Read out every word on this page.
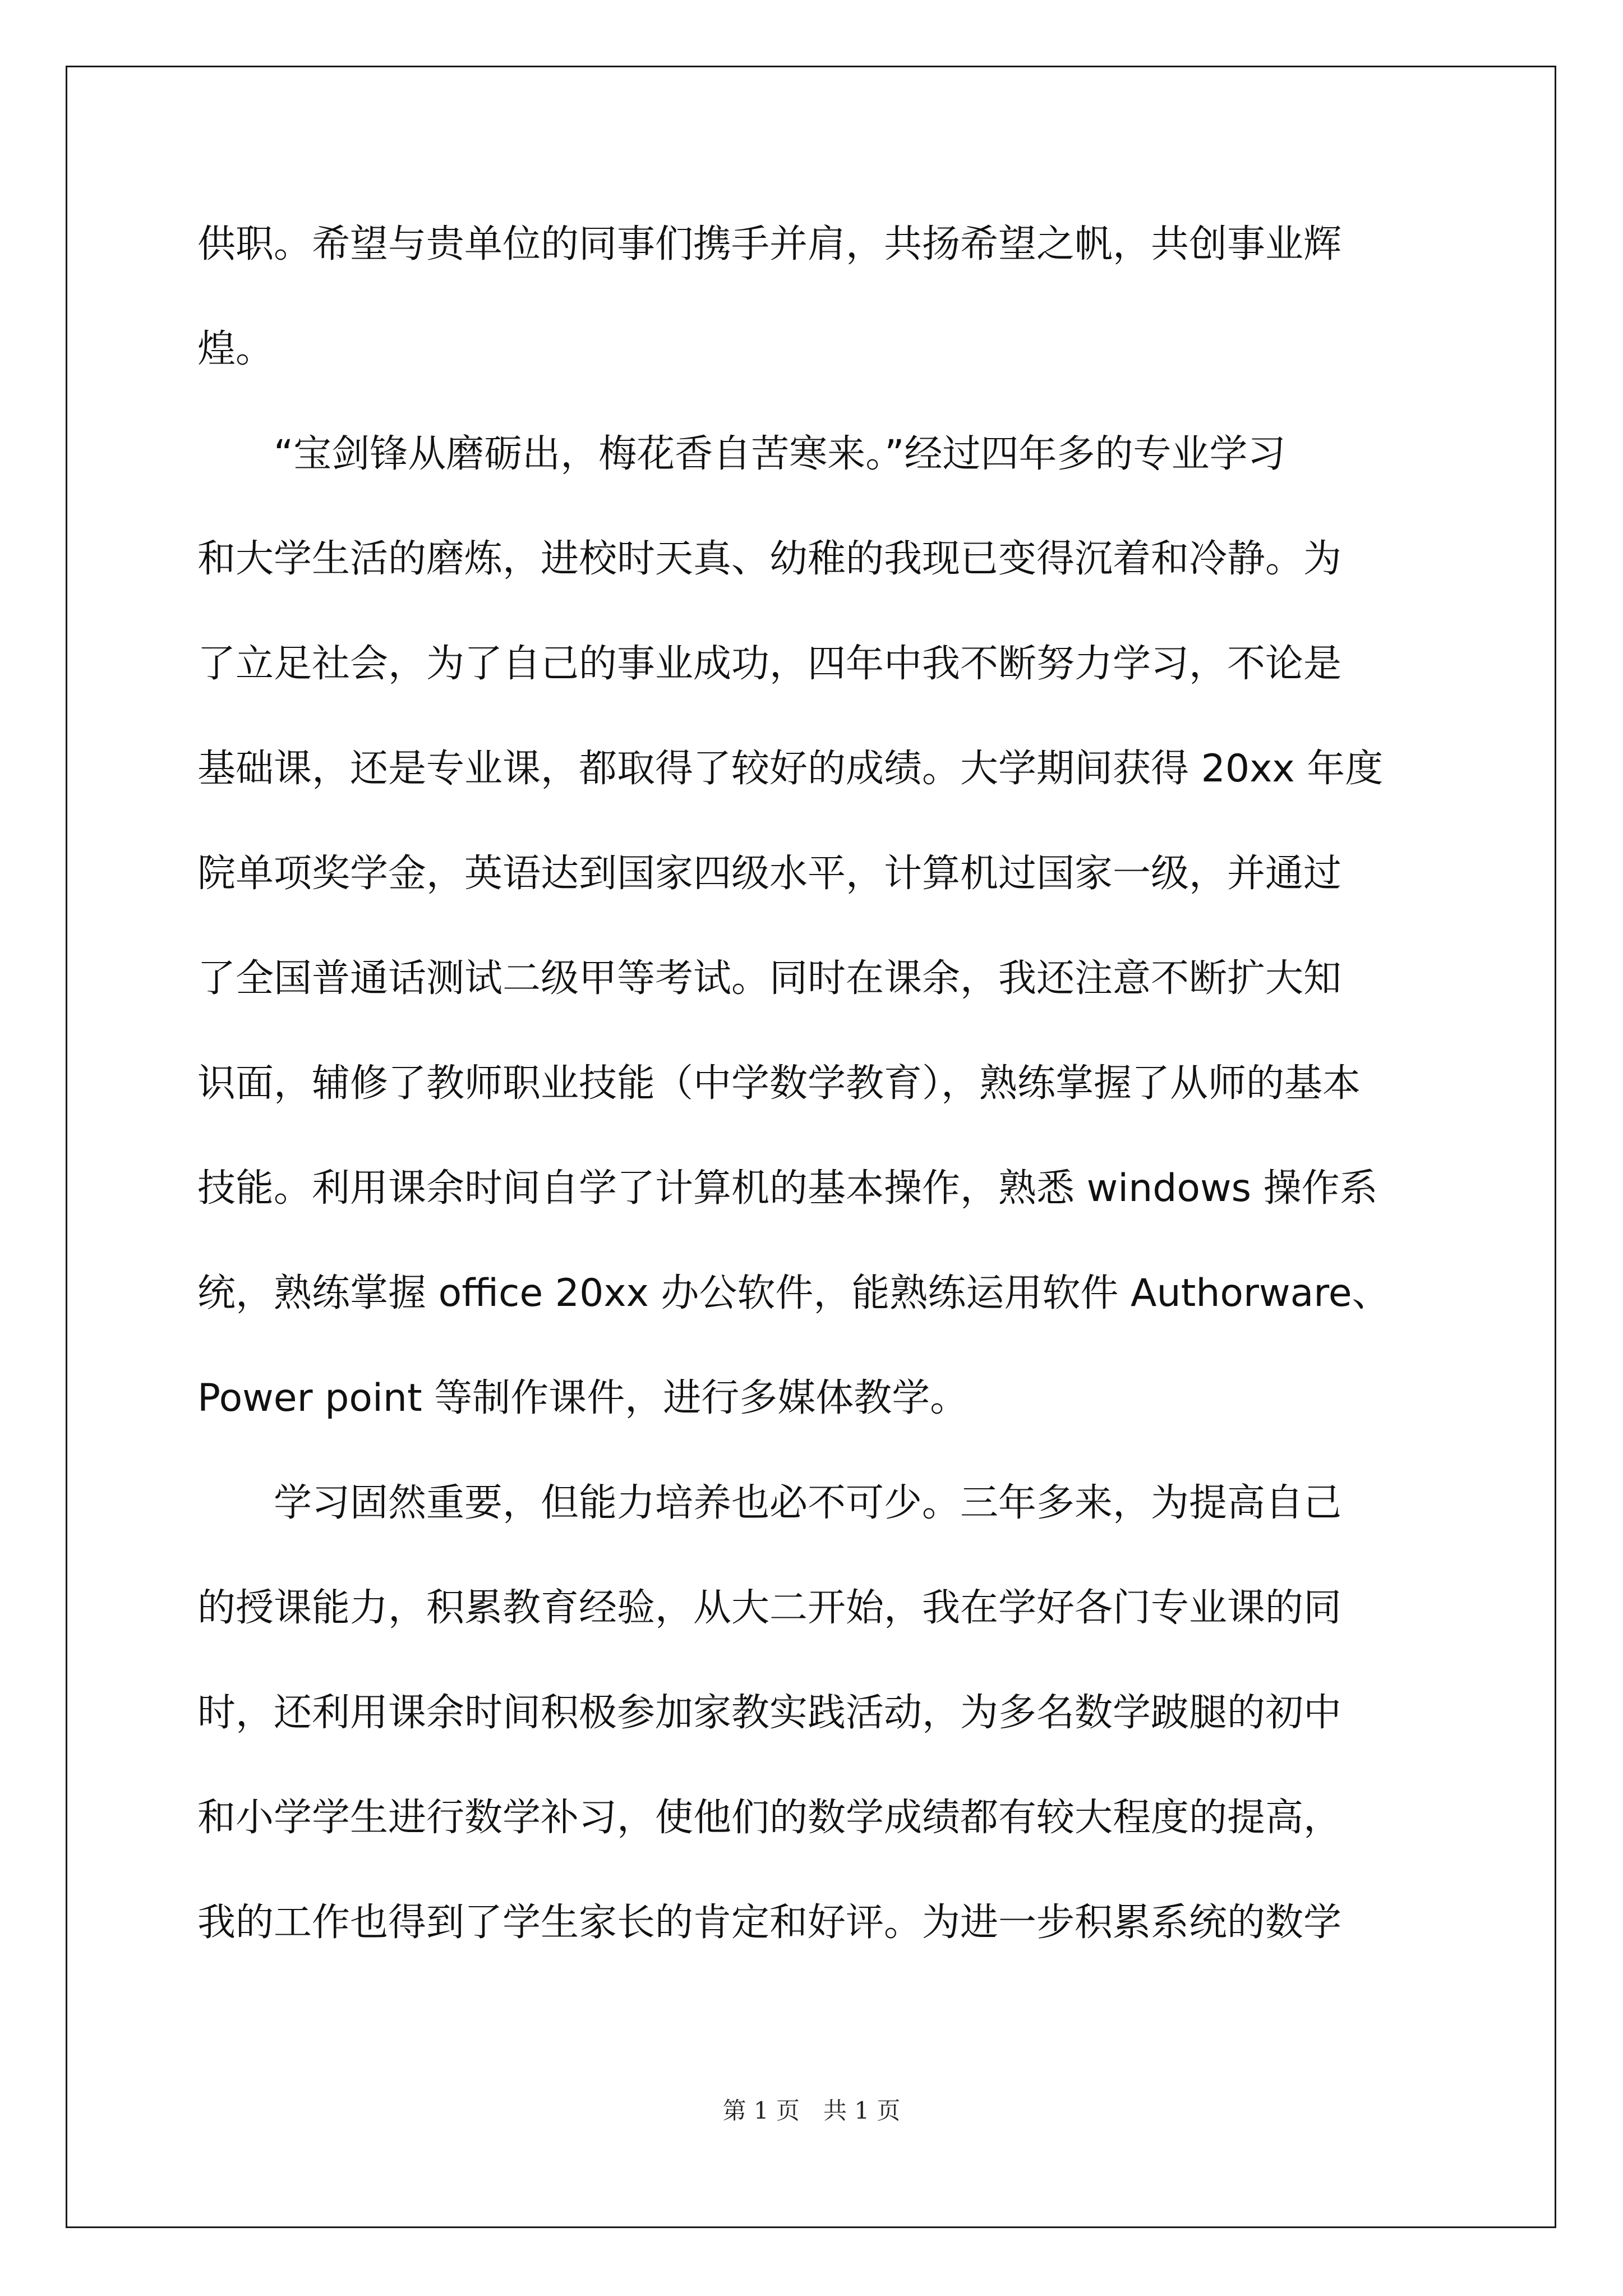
供职。希望与贵单位的同事们携手并肩，共扬希望之帆，共创事业辉
煌。
　　“宝剑锋从磨砺出，梅花香自苦寒来。”经过四年多的专业学习
和大学生活的磨炼，进校时天真、幼稚的我现已变得沉着和冷静。为
了立足社会，为了自己的事业成功，四年中我不断努力学习，不论是
基础课，还是专业课，都取得了较好的成绩。大学期间获得 20xx 年度
院单项奖学金，英语达到国家四级水平，计算机过国家一级，并通过
了全国普通话测试二级甲等考试。同时在课余，我还注意不断扩大知
识面，辅修了教师职业技能（中学数学教育），熟练掌握了从师的基本
技能。利用课余时间自学了计算机的基本操作，熟悉 windows 操作系
统，熟练掌握 office 20xx 办公软件，能熟练运用软件 Authorware、
Power point 等制作课件，进行多媒体教学。
　　学习固然重要，但能力培养也必不可少。三年多来，为提高自己
的授课能力，积累教育经验，从大二开始，我在学好各门专业课的同
时，还利用课余时间积极参加家教实践活动，为多名数学跛腿的初中
和小学学生进行数学补习，使他们的数学成绩都有较大程度的提高，
我的工作也得到了学生家长的肯定和好评。为进一步积累系统的数学
第 1 页　共 1 页
